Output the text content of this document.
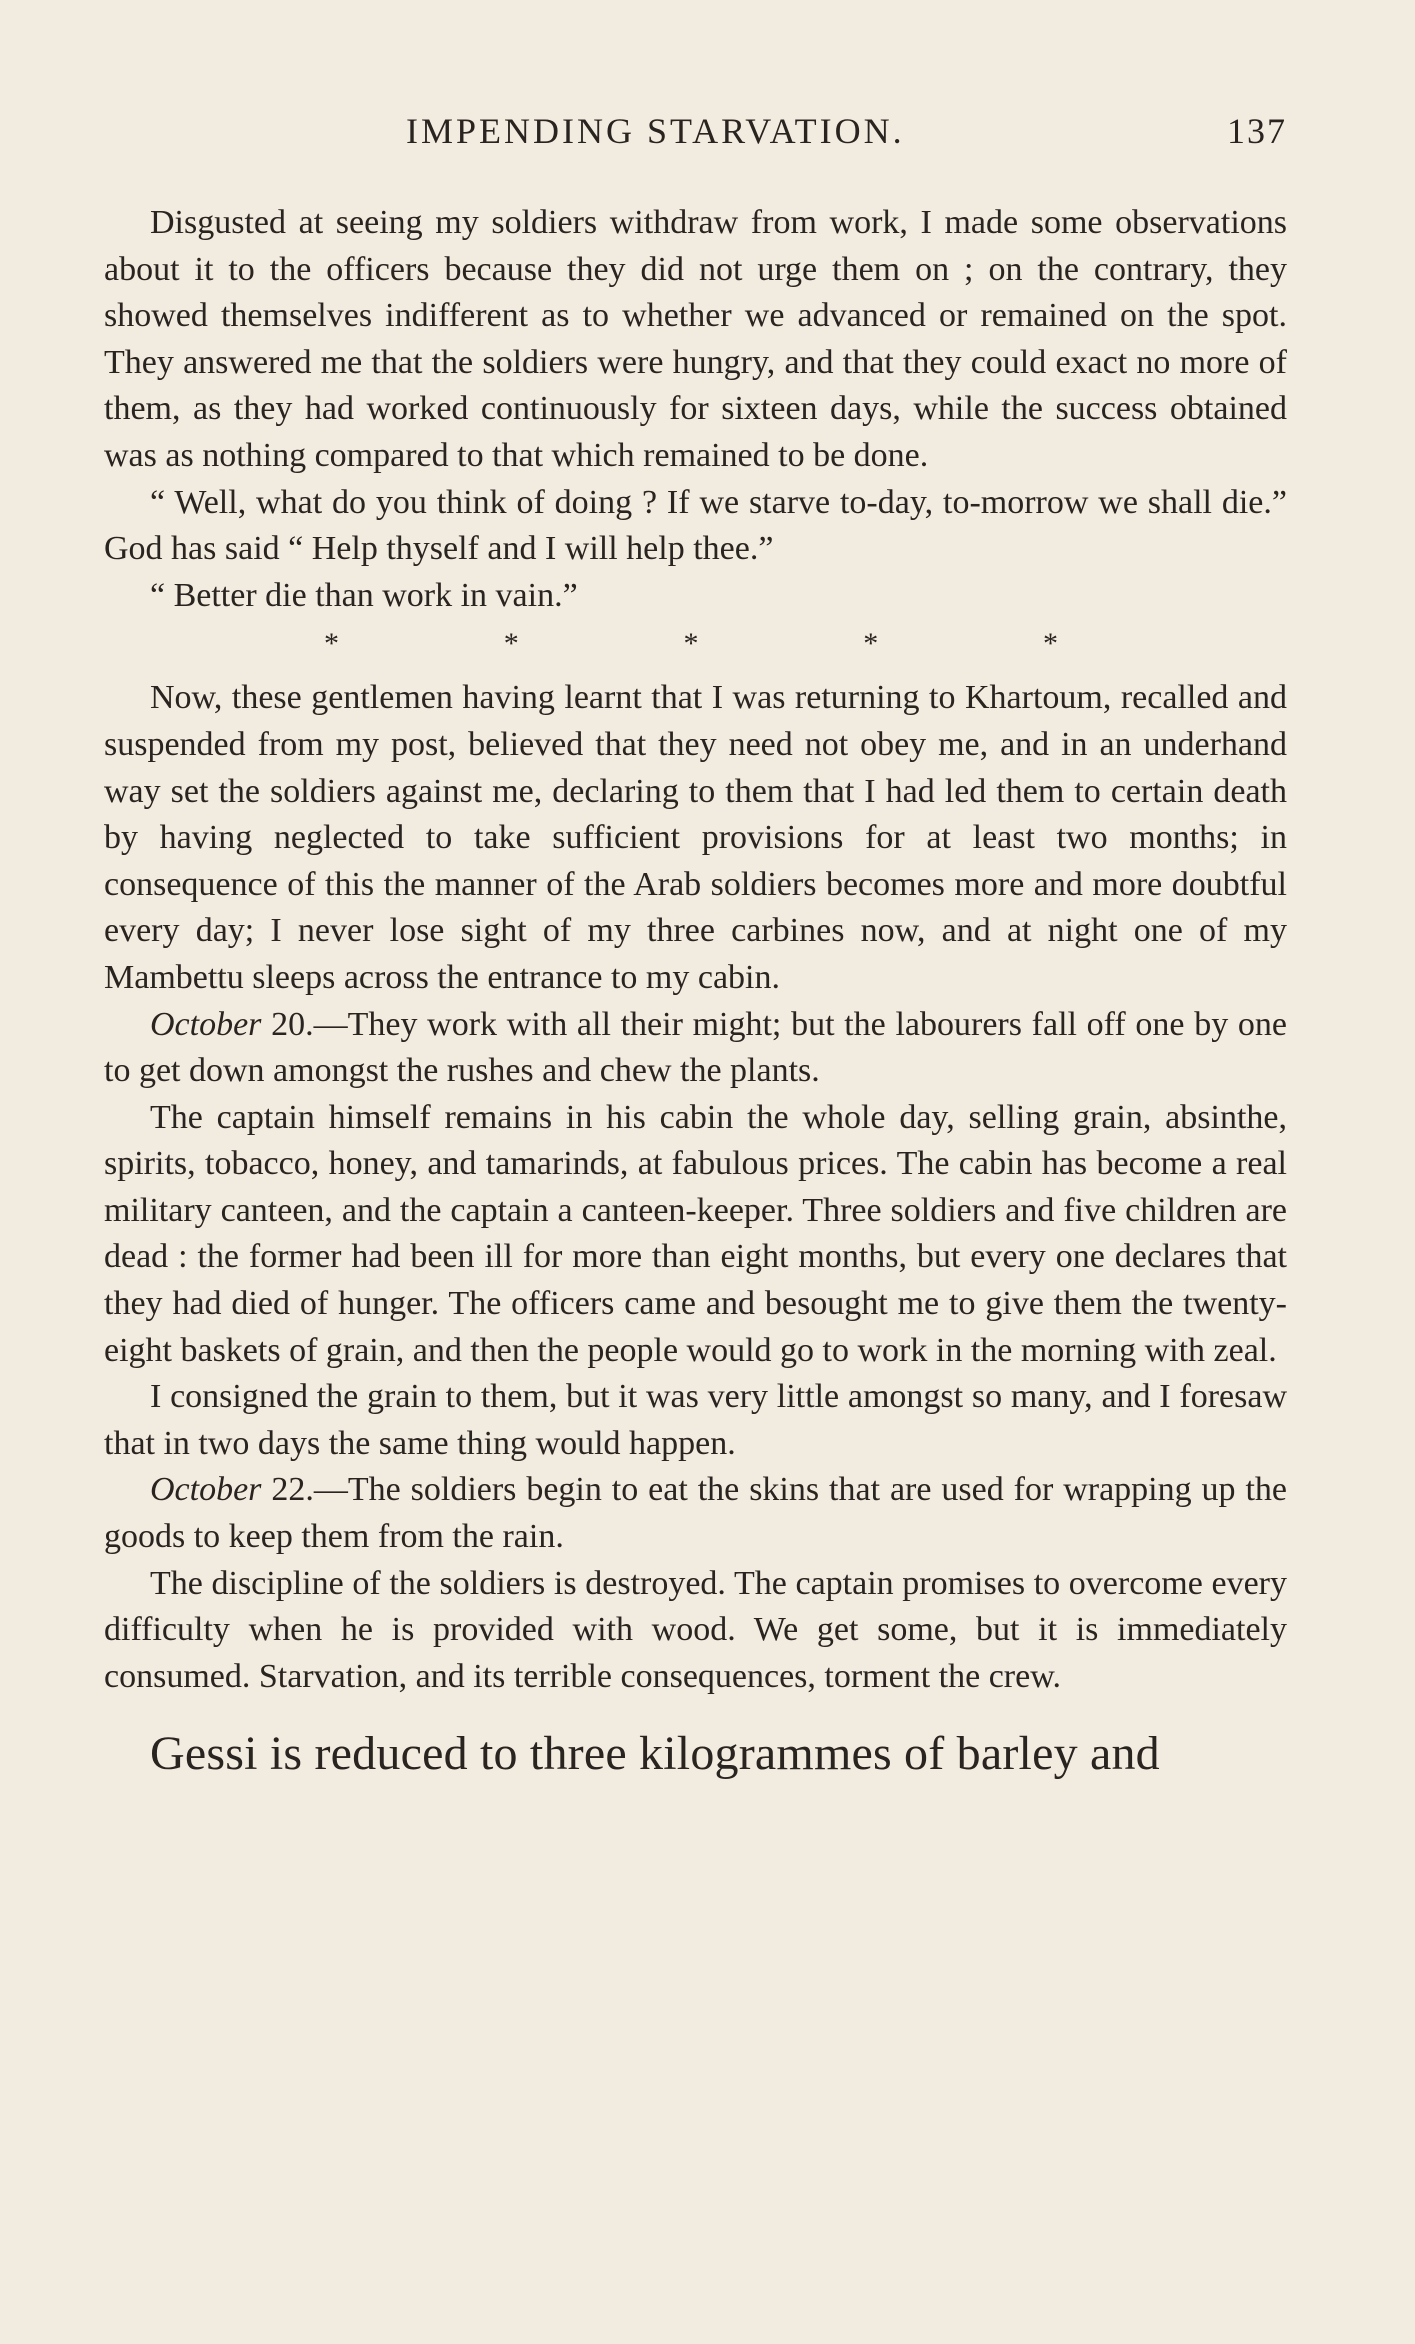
IMPENDING STARVATION.	137

Disgusted at seeing my soldiers withdraw from work, I made some observations about it to the officers because they did not urge them on ; on the contrary, they showed themselves indifferent as to whether we advanced or remained on the spot. They answered me that the soldiers were hungry, and that they could exact no more of them, as they had worked continuously for sixteen days, while the success obtained was as nothing compared to that which remained to be done.

“ Well, what do you think of doing ? If we starve to-day, to-morrow we shall die.” God has said “ Help thyself and I will help thee.”

“ Better die than work in vain.”

*	*	*	*	*

Now, these gentlemen having learnt that I was returning to Khartoum, recalled and suspended from my post, believed that they need not obey me, and in an underhand way set the soldiers against me, declaring to them that I had led them to certain death by having neglected to take sufficient provisions for at least two months; in consequence of this the manner of the Arab soldiers becomes more and more doubtful every day; I never lose sight of my three carbines now, and at night one of my Mambettu sleeps across the entrance to my cabin.

October 20.—They work with all their might; but the labourers fall off one by one to get down amongst the rushes and chew the plants.

The captain himself remains in his cabin the whole day, selling grain, absinthe, spirits, tobacco, honey, and tamarinds, at fabulous prices. The cabin has become a real military canteen, and the captain a canteen-keeper. Three soldiers and five children are dead : the former had been ill for more than eight months, but every one declares that they had died of hunger. The officers came and besought me to give them the twenty-eight baskets of grain, and then the people would go to work in the morning with zeal.

I consigned the grain to them, but it was very little amongst so many, and I foresaw that in two days the same thing would happen.

October 22.—The soldiers begin to eat the skins that are used for wrapping up the goods to keep them from the rain.

The discipline of the soldiers is destroyed. The captain promises to overcome every difficulty when he is provided with wood. We get some, but it is immediately consumed. Starvation, and its terrible consequences, torment the crew.

Gessi is reduced to three kilogrammes of barley and
